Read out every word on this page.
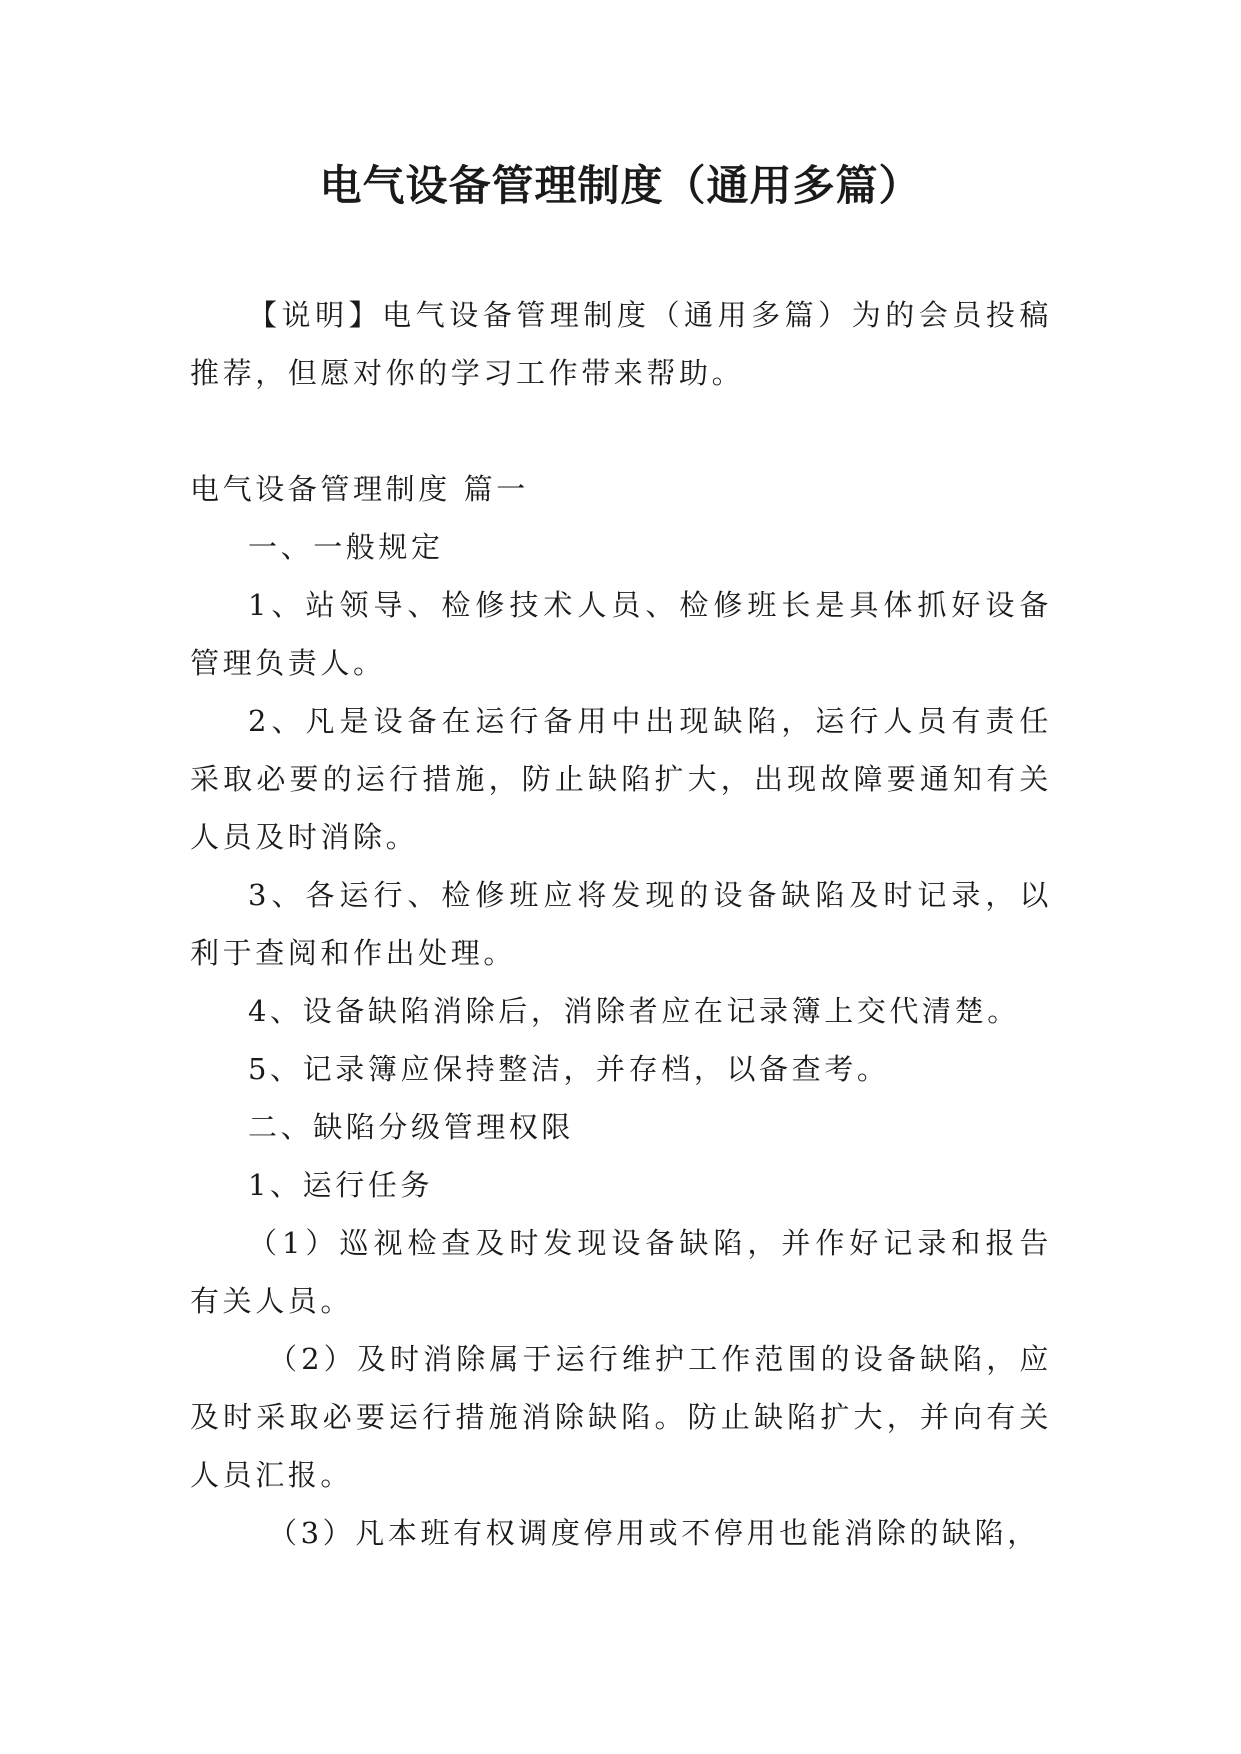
电气设备管理制度（通用多篇）

【说明】电气设备管理制度（通用多篇）为的会员投稿推荐，但愿对你的学习工作带来帮助。

电气设备管理制度 篇一

一、一般规定

1、站领导、检修技术人员、检修班长是具体抓好设备管理负责人。

2、凡是设备在运行备用中出现缺陷，运行人员有责任采取必要的运行措施，防止缺陷扩大，出现故障要通知有关人员及时消除。

3、各运行、检修班应将发现的设备缺陷及时记录，以利于查阅和作出处理。

4、设备缺陷消除后，消除者应在记录簿上交代清楚。

5、记录簿应保持整洁，并存档，以备查考。

二、缺陷分级管理权限

1、运行任务

（1）巡视检查及时发现设备缺陷，并作好记录和报告有关人员。

（2）及时消除属于运行维护工作范围的设备缺陷，应及时采取必要运行措施消除缺陷。防止缺陷扩大，并向有关人员汇报。

（3）凡本班有权调度停用或不停用也能消除的缺陷，
